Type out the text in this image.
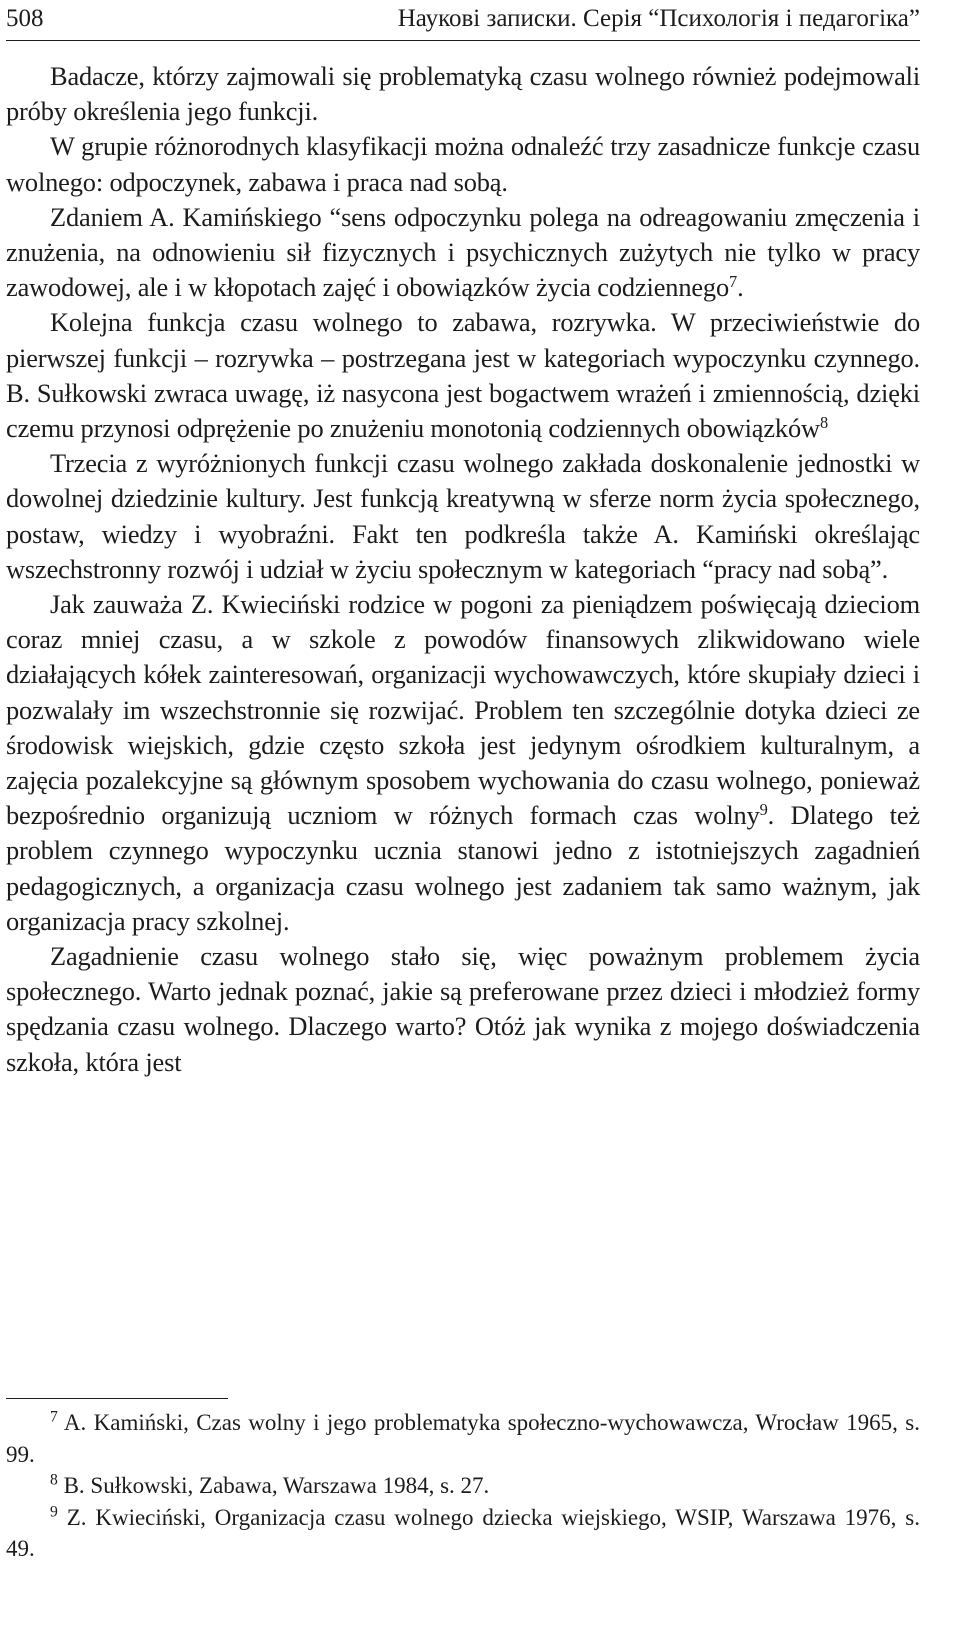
508	Наукові записки. Серія “Психологія і педагогіка”

Badacze, którzy zajmowali się problematyką czasu wolnego również podejmowali próby określenia jego funkcji.

W grupie różnorodnych klasyfikacji można odnaleźć trzy zasadnicze funkcje czasu wolnego: odpoczynek, zabawa i praca nad sobą.

Zdaniem A. Kamińskiego “sens odpoczynku polega na odreagowaniu zmęczenia i znużenia, na odnowieniu sił fizycznych i psychicznych zużytych nie tylko w pracy zawodowej, ale i w kłopotach zajęć i obowiązków życia codziennego$^7$.

Kolejna funkcja czasu wolnego to zabawa, rozrywka. W przeciwieństwie do pierwszej funkcji – rozrywka – postrzegana jest w kategoriach wypoczynku czynnego. B. Sułkowski zwraca uwagę, iż nasycona jest bogactwem wrażeń i zmiennością, dzięki czemu przynosi odprężenie po znużeniu monotonią codziennych obowiązków$^8$

Trzecia z wyróżnionych funkcji czasu wolnego zakłada doskonalenie jednostki w dowolnej dziedzinie kultury. Jest funkcją kreatywną w sferze norm życia społecznego, postaw, wiedzy i wyobraźni. Fakt ten podkreśla także A. Kamiński określając wszechstronny rozwój i udział w życiu społecznym w kategoriach “pracy nad sobą”.

Jak zauważa Z. Kwieciński rodzice w pogoni za pieniądzem poświęcają dzieciom coraz mniej czasu, a w szkole z powodów finansowych zlikwidowano wiele działających kółek zainteresowań, organizacji wychowawczych, które skupiały dzieci i pozwalały im wszechstronnie się rozwijać. Problem ten szczególnie dotyka dzieci ze środowisk wiejskich, gdzie często szkoła jest jedynym ośrodkiem kulturalnym, a zajęcia pozalekcyjne są głównym sposobem wychowania do czasu wolnego, ponieważ bezpośrednio organizują uczniom w różnych formach czas wolny$^9$. Dlatego też problem czynnego wypoczynku ucznia stanowi jedno z istotniejszych zagadnień pedagogicznych, a organizacja czasu wolnego jest zadaniem tak samo ważnym, jak organizacja pracy szkolnej.

Zagadnienie czasu wolnego stało się, więc poważnym problemem życia społecznego. Warto jednak poznać, jakie są preferowane przez dzieci i młodzież formy spędzania czasu wolnego. Dlaczego warto? Otóż jak wynika z mojego doświadczenia szkoła, która jest

$^7$ A. Kamiński, Czas wolny i jego problematyka społeczno-wychowawcza, Wrocław 1965, s. 99.

$^8$ B. Sułkowski, Zabawa, Warszawa 1984, s. 27.

$^9$ Z. Kwieciński, Organizacja czasu wolnego dziecka wiejskiego, WSIP, Warszawa 1976, s. 49.
